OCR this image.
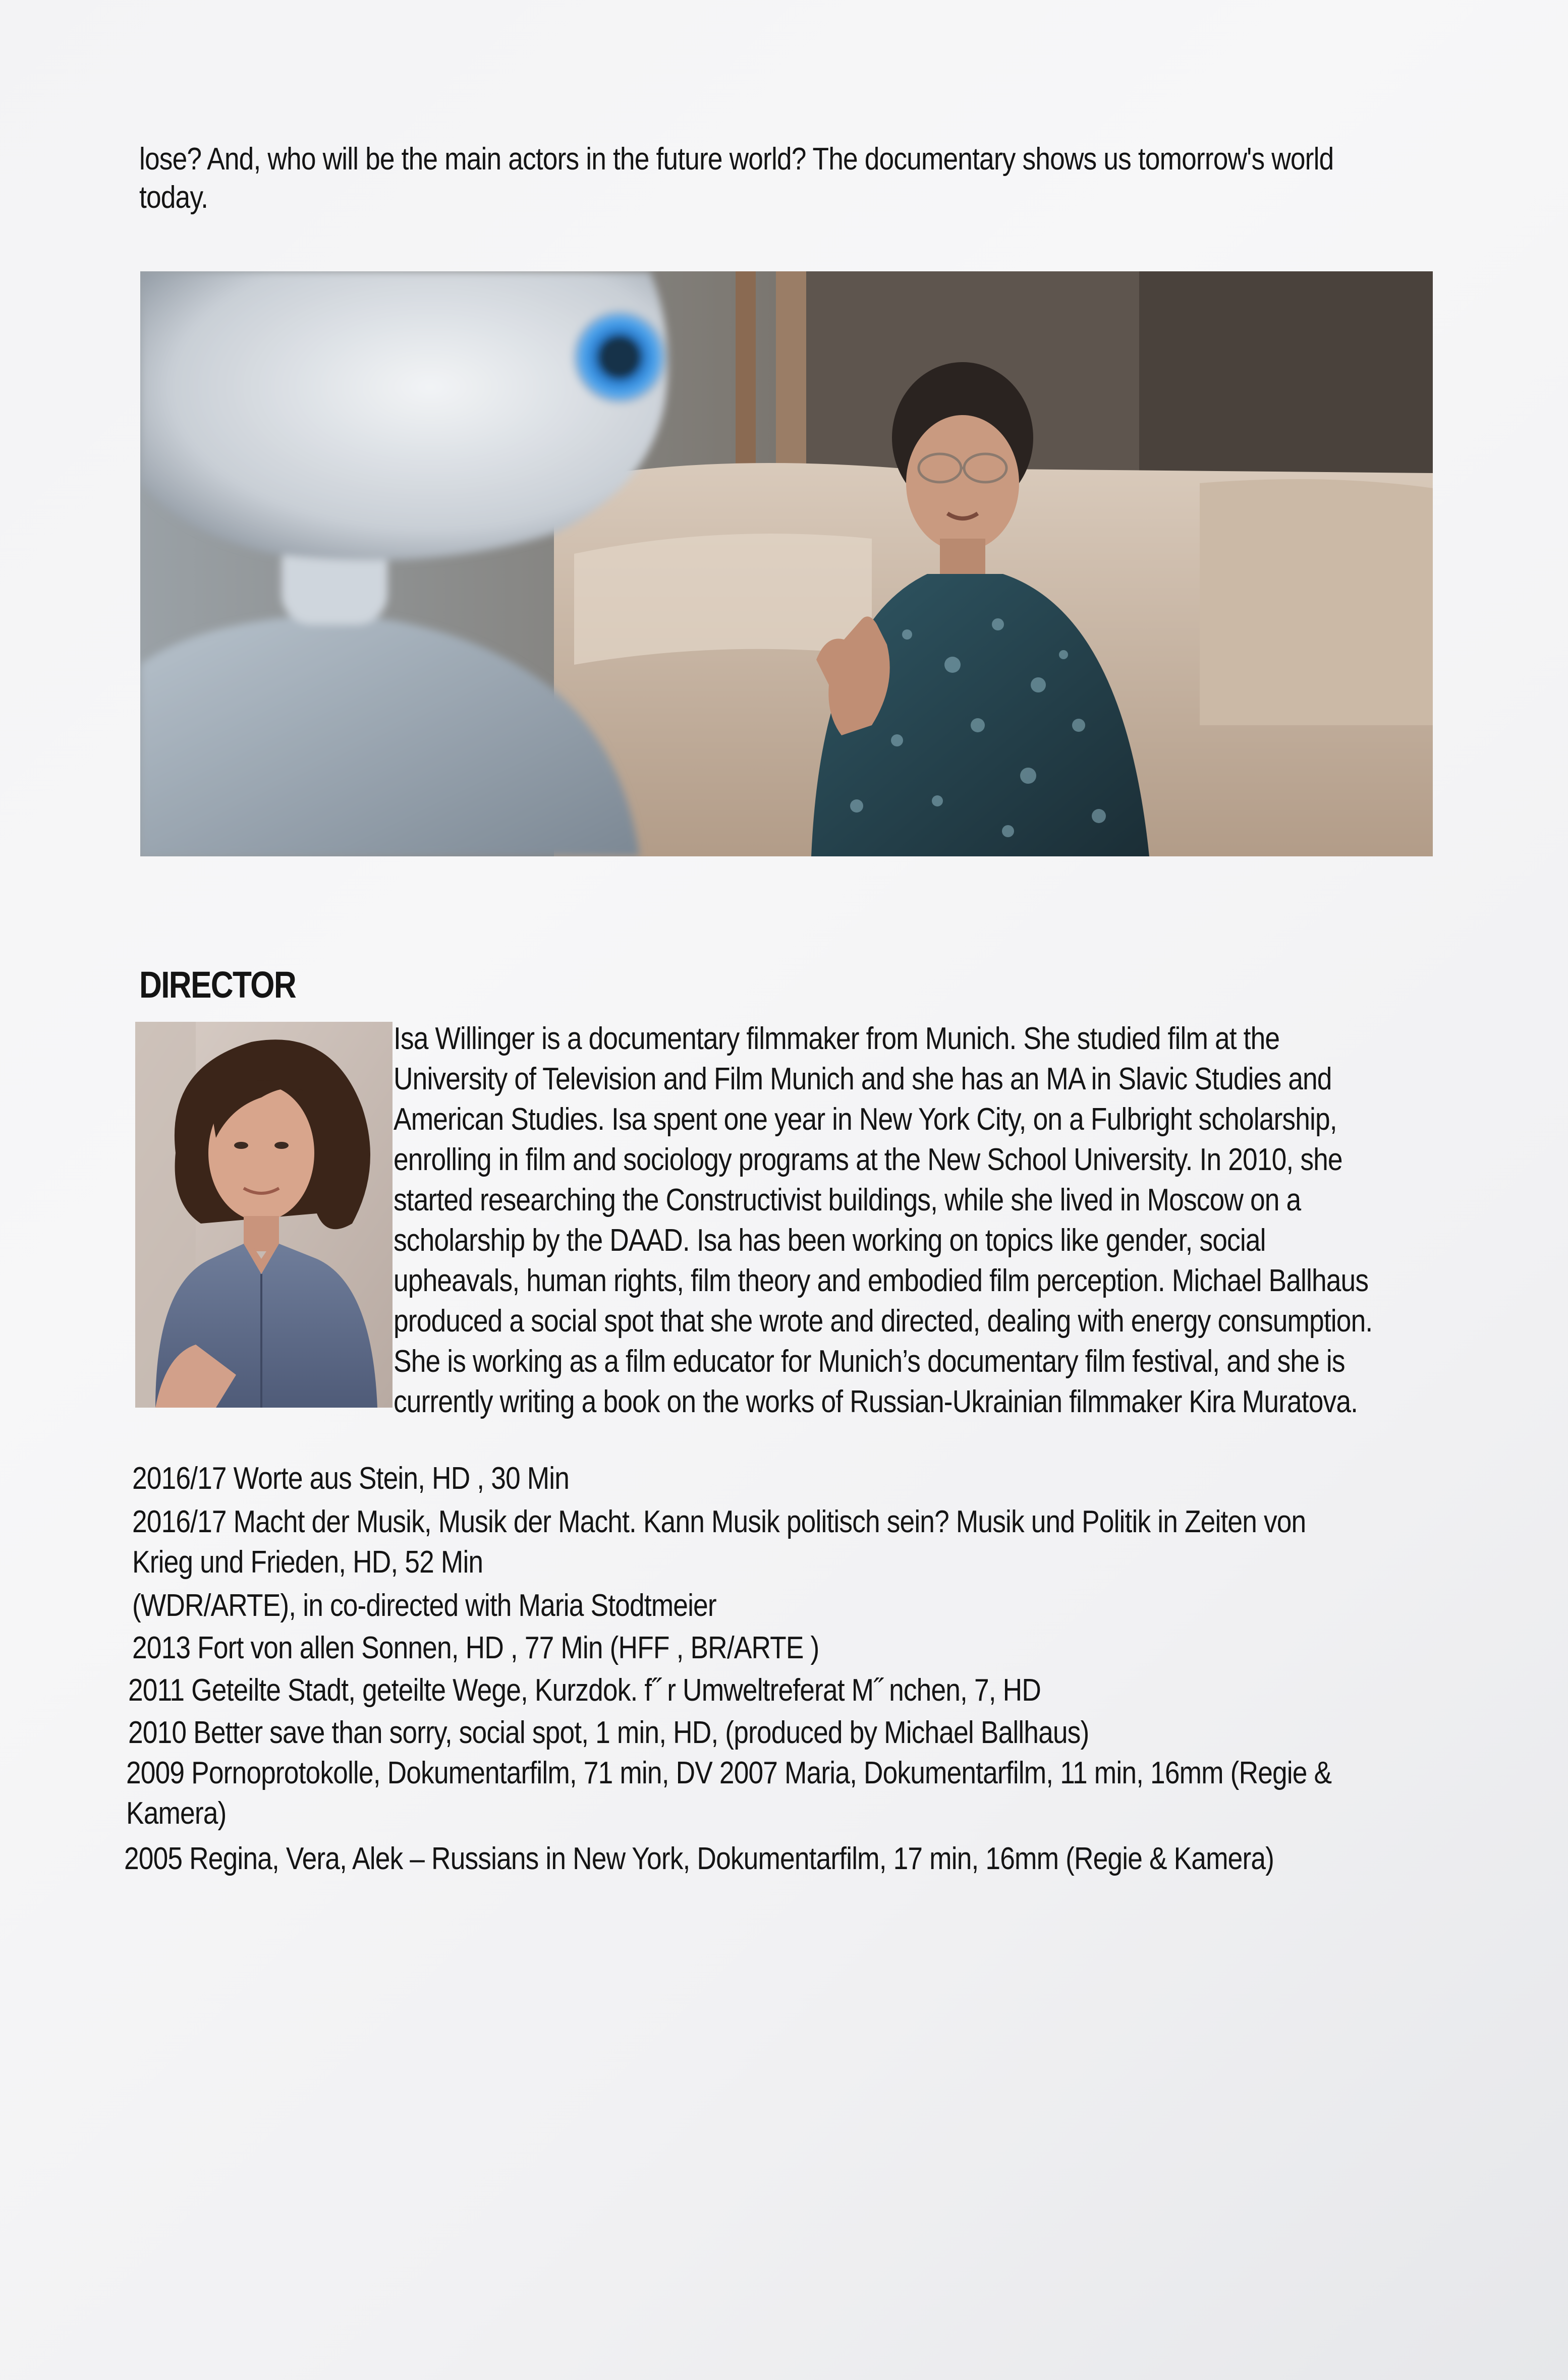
lose? And, who will be the main actors in the future world? The documentary shows us tomorrow's world
today.
DIRECTOR
Isa Willinger is a documentary filmmaker from Munich. She studied film at the
University of Television and Film Munich and she has an MA in Slavic Studies and
American Studies. Isa spent one year in New York City, on a Fulbright scholarship,
enrolling in film and sociology programs at the New School University. In 2010, she
started researching the Constructivist buildings, while she lived in Moscow on a
scholarship by the DAAD. Isa has been working on topics like gender, social
upheavals, human rights, film theory and embodied film perception. Michael Ballhaus
produced a social spot that she wrote and directed, dealing with energy consumption.
She is working as a film educator for Munich’s documentary film festival, and she is
currently writing a book on the works of Russian-Ukrainian filmmaker Kira Muratova.
2016/17 Worte aus Stein, HD , 30 Min
2016/17 Macht der Musik, Musik der Macht. Kann Musik politisch sein? Musik und Politik in Zeiten von
Krieg und Frieden, HD, 52 Min
(WDR/ARTE), in co-directed with Maria Stodtmeier
2013 Fort von allen Sonnen, HD , 77 Min (HFF , BR/ARTE )
2011 Geteilte Stadt, geteilte Wege, Kurzdok. f˝ r Umweltreferat M˝ nchen, 7, HD
2010 Better save than sorry, social spot, 1 min, HD, (produced by Michael Ballhaus)
2009 Pornoprotokolle, Dokumentarfilm, 71 min, DV 2007 Maria, Dokumentarfilm, 11 min, 16mm (Regie &
Kamera)
2005 Regina, Vera, Alek – Russians in New York, Dokumentarfilm, 17 min, 16mm (Regie & Kamera)
